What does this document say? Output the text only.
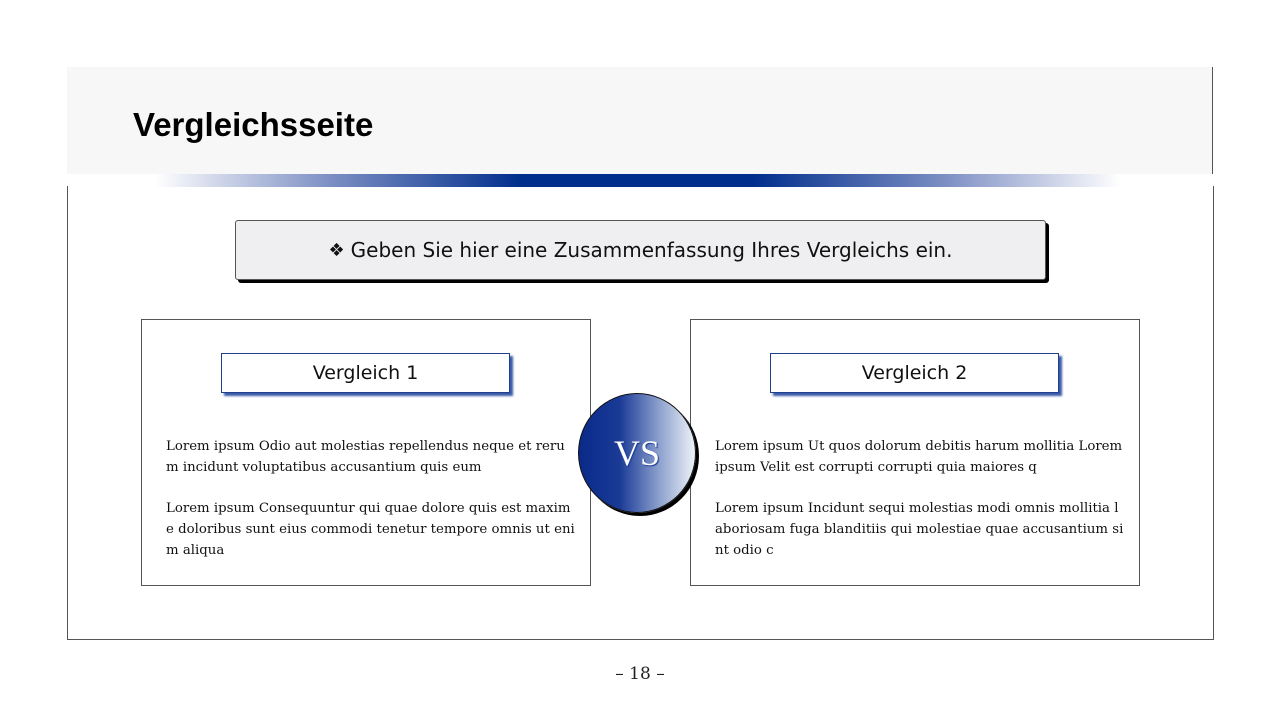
Vergleichsseite
❖ Geben Sie hier eine Zusammenfassung Ihres Vergleichs ein.
Vergleich 1

Lorem ipsum Odio aut molestias repellendus neque et rerum incidunt voluptatibus accusantium quis eum

Lorem ipsum Consequuntur qui quae dolore quis est maxime doloribus sunt eius commodi tenetur tempore omnis ut enim aliqua

Vergleich 2

Lorem ipsum Ut quos dolorum debitis harum mollitia Lorem ipsum Velit est corrupti corrupti quia maiores q

Lorem ipsum Incidunt sequi molestias modi omnis mollitia laboriosam fuga blanditiis qui molestiae quae accusantium sint odio c

VS
– 18 –
